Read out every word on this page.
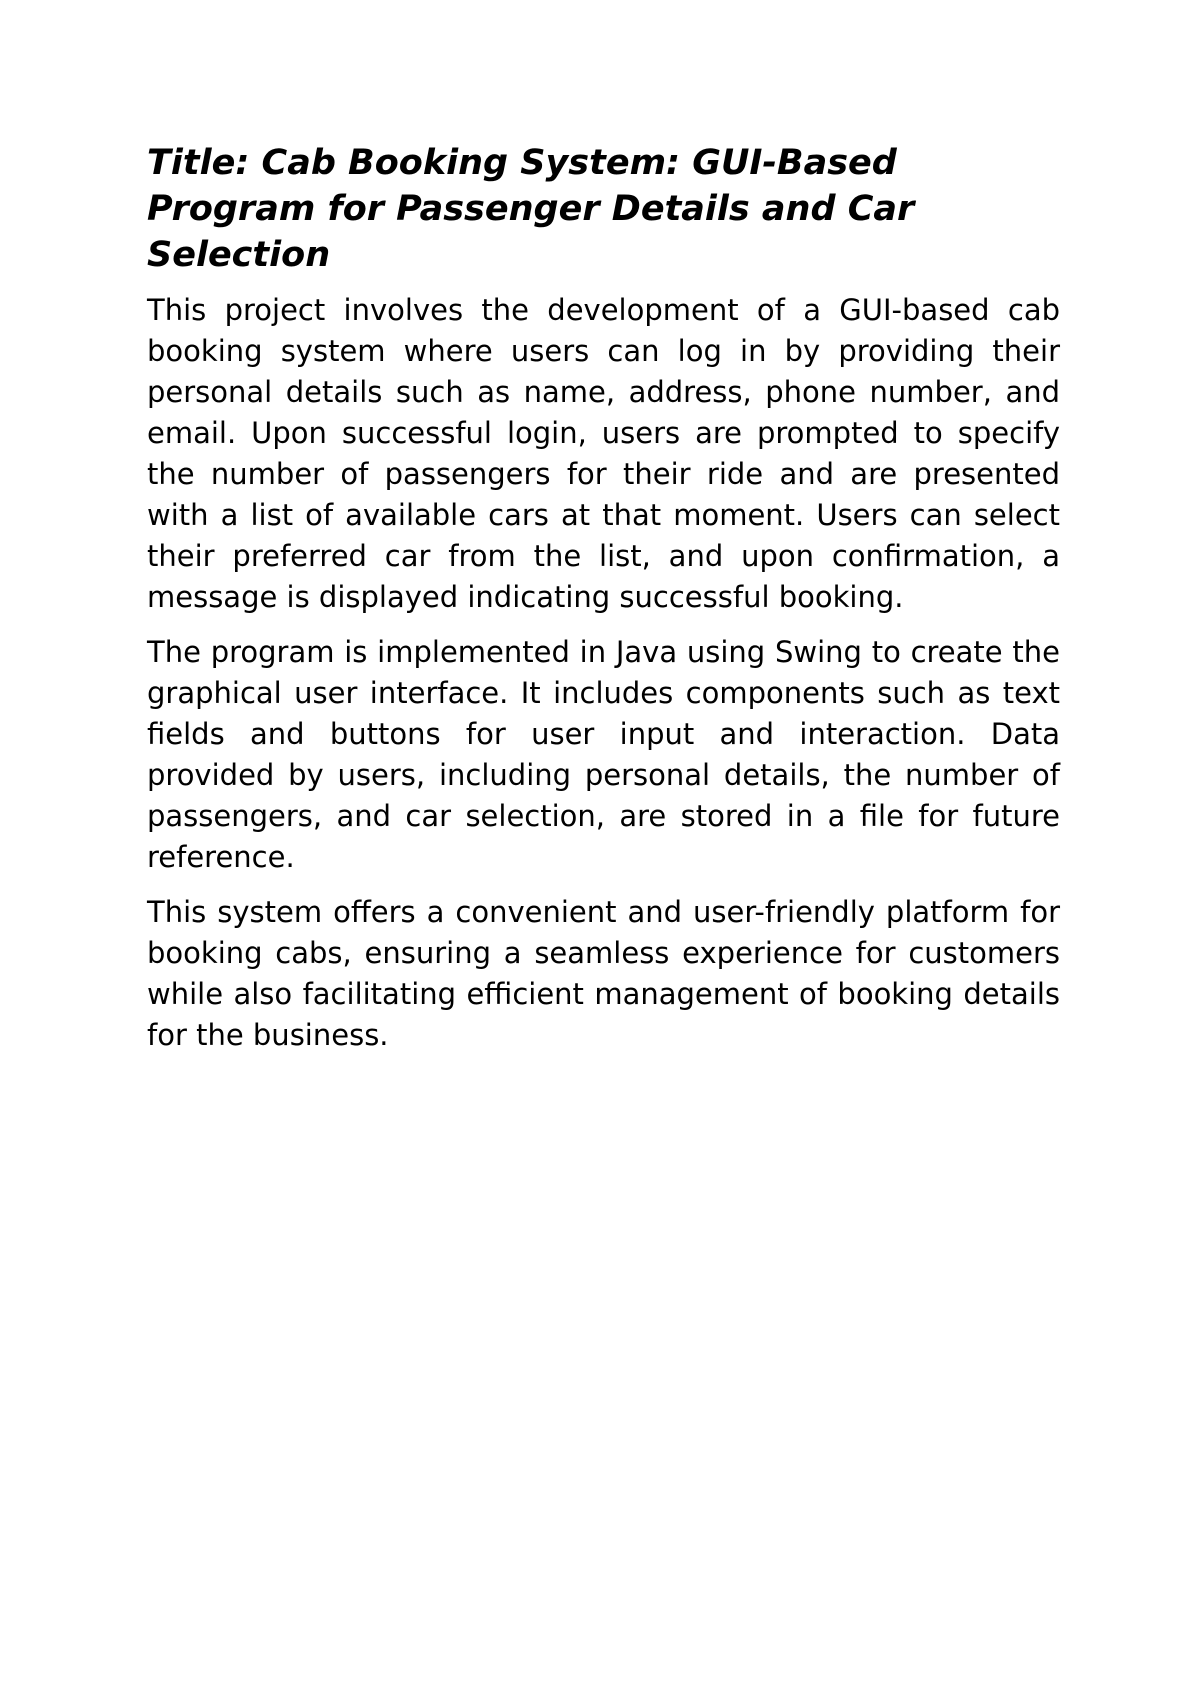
Title: Cab Booking System: GUI-Based Program for Passenger Details and Car Selection

This project involves the development of a GUI-based cab booking system where users can log in by providing their personal details such as name, address, phone number, and email. Upon successful login, users are prompted to specify the number of passengers for their ride and are presented with a list of available cars at that moment. Users can select their preferred car from the list, and upon confirmation, a message is displayed indicating successful booking.

The program is implemented in Java using Swing to create the graphical user interface. It includes components such as text fields and buttons for user input and interaction. Data provided by users, including personal details, the number of passengers, and car selection, are stored in a file for future reference.

This system offers a convenient and user-friendly platform for booking cabs, ensuring a seamless experience for customers while also facilitating efficient management of booking details for the business.
